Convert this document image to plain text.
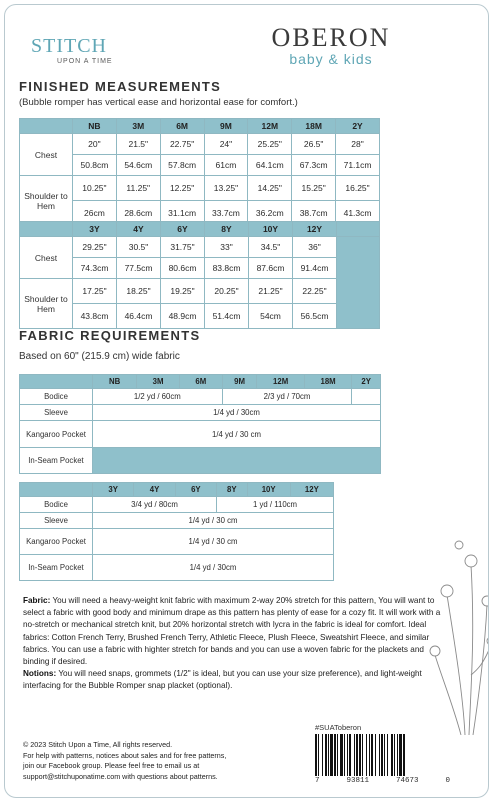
STITCH
UPON A TIME
OBERON
baby & kids
FINISHED MEASUREMENTS
(Bubble romper has vertical ease and horizontal ease for comfort.)
	NB	3M	6M	9M	12M	18M	2Y
Chest	20"	21.5"	22.75"	24"	25.25"	26.5"	28"
	50.8cm	54.6cm	57.8cm	61cm	64.1cm	67.3cm	71.1cm
Shoulder to Hem	10.25"	11.25"	12.25"	13.25"	14.25"	15.25"	16.25"
	26cm	28.6cm	31.1cm	33.7cm	36.2cm	38.7cm	41.3cm
	3Y	4Y	6Y	8Y	10Y	12Y	
Chest	29.25"	30.5"	31.75"	33"	34.5"	36"	
	74.3cm	77.5cm	80.6cm	83.8cm	87.6cm	91.4cm	
Shoulder to Hem	17.25"	18.25"	19.25"	20.25"	21.25"	22.25"	
	43.8cm	46.4cm	48.9cm	51.4cm	54cm	56.5cm	
FABRIC REQUIREMENTS
Based on 60" (215.9 cm) wide fabric
	NB	3M	6M	9M	12M	18M	2Y
Bodice	1/2 yd / 60cm			2/3 yd / 70cm			
Sleeve	1/4 yd / 30cm						
Kangaroo Pocket	1/4 yd / 30 cm						
In-Seam Pocket							
	3Y	4Y	6Y	8Y	10Y	12Y
Bodice	3/4 yd / 80cm			1 yd / 110cm		
Sleeve	1/4 yd / 30 cm					
Kangaroo Pocket	1/4 yd / 30 cm					
In-Seam Pocket	1/4 yd / 30cm					
Fabric: You will need a heavy-weight knit fabric with maximum 2-way 20% stretch for this pattern, You will want to select a fabric with good body and minimum drape as this pattern has plenty of ease for a cozy fit. It will work with a no-stretch or mechanical stretch knit, but 20% horizontal stretch with lycra in the fabric is ideal for comfort. Ideal fabrics: Cotton French Terry, Brushed French Terry, Athletic Fleece, Plush Fleece, Sweatshirt Fleece, and similar fabrics. You can use a fabric with highter stretch for bands and you can use a woven fabric for the plackets and binding if desired.
Notions: You will need snaps, grommets (1/2" is ideal, but you can use your size preference), and light-weight interfacing for the Bubble Romper snap placket (optional).
© 2023 Stitch Upon a Time, All rights reserved.
For help with patterns, notices about sales and for free patterns,
join our Facebook group. Please feel free to email us at
support@stitchuponatime.com with questions about patterns.
#SUAToberon
7	93811	74673	0
